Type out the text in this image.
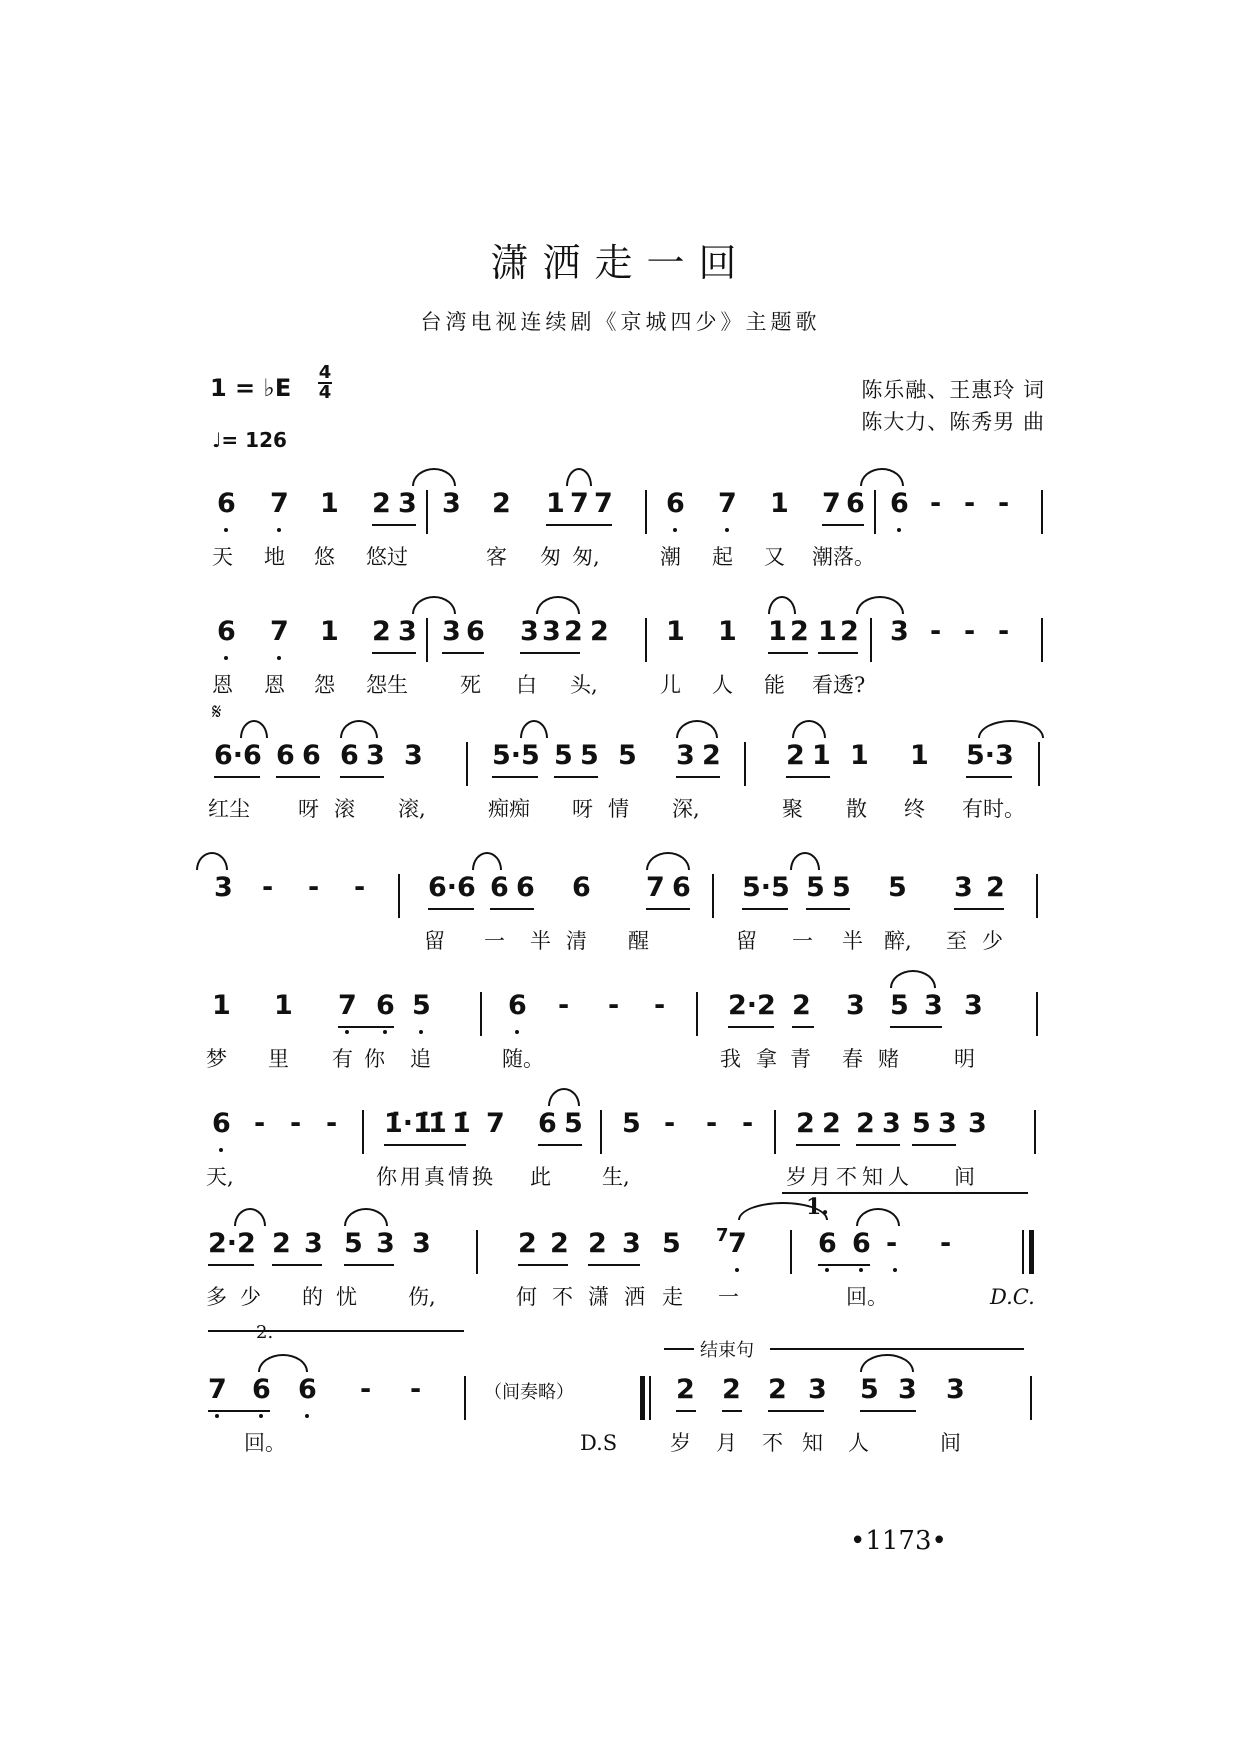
潇洒走一回
台湾电视连续剧《京城四少》主题歌
1 = ♭E
4
4
♩= 126
陈乐融、王惠玲 词
陈大力、陈秀男 曲
6 7 1 2 3 3 2 1 7 7 6 7 1 7 6 6 - - -
天 地 悠 悠过	客 匆 匆,	潮 起 又 潮落。
6 7 1 2 3 3 6 3 3 2 2 1 1 1 2 1 2 3 - - -
恩 恩 怨 怨生 死 白 头,	儿 人 能 看透?
𝄋
6·6 6 6 6 3 3	5·5 5 5 5 3 2 2 1 1 1 5·3
红尘 呀 滚 滚,	痴痴 呀 情 深,	聚 散 终 有时。
3 - - - 6·6 6 6 6 7 6 5·5 5 5 5 3 2
留 一 半 清 醒	留 一 半 醉, 至 少
1 1 7 6 5	6 - - - 2·2 2 3 5 3 3
梦 里 有 你 追	随。	我 拿 青 春 赌	明
6 - - - 1̇·1̇
1̇ 1̇ 7 6 5 5 - - - 2 2 2 3 5 3 3
天,	你 用 真 情 换 此 生,	岁 月 不 知 人 间
1.
2·2 2 3 5 3 3	2 2 2 3 5 7 7	6 6 - -
多 少 的 忧 伤,	何 不 潇 洒 走 一	回。	D.C.
2.
结束句
7 6 6 - -	2 2 2 3 5 3 3
回。	D.S	岁 月 不 知 人	间
（间奏略）
•1173•
